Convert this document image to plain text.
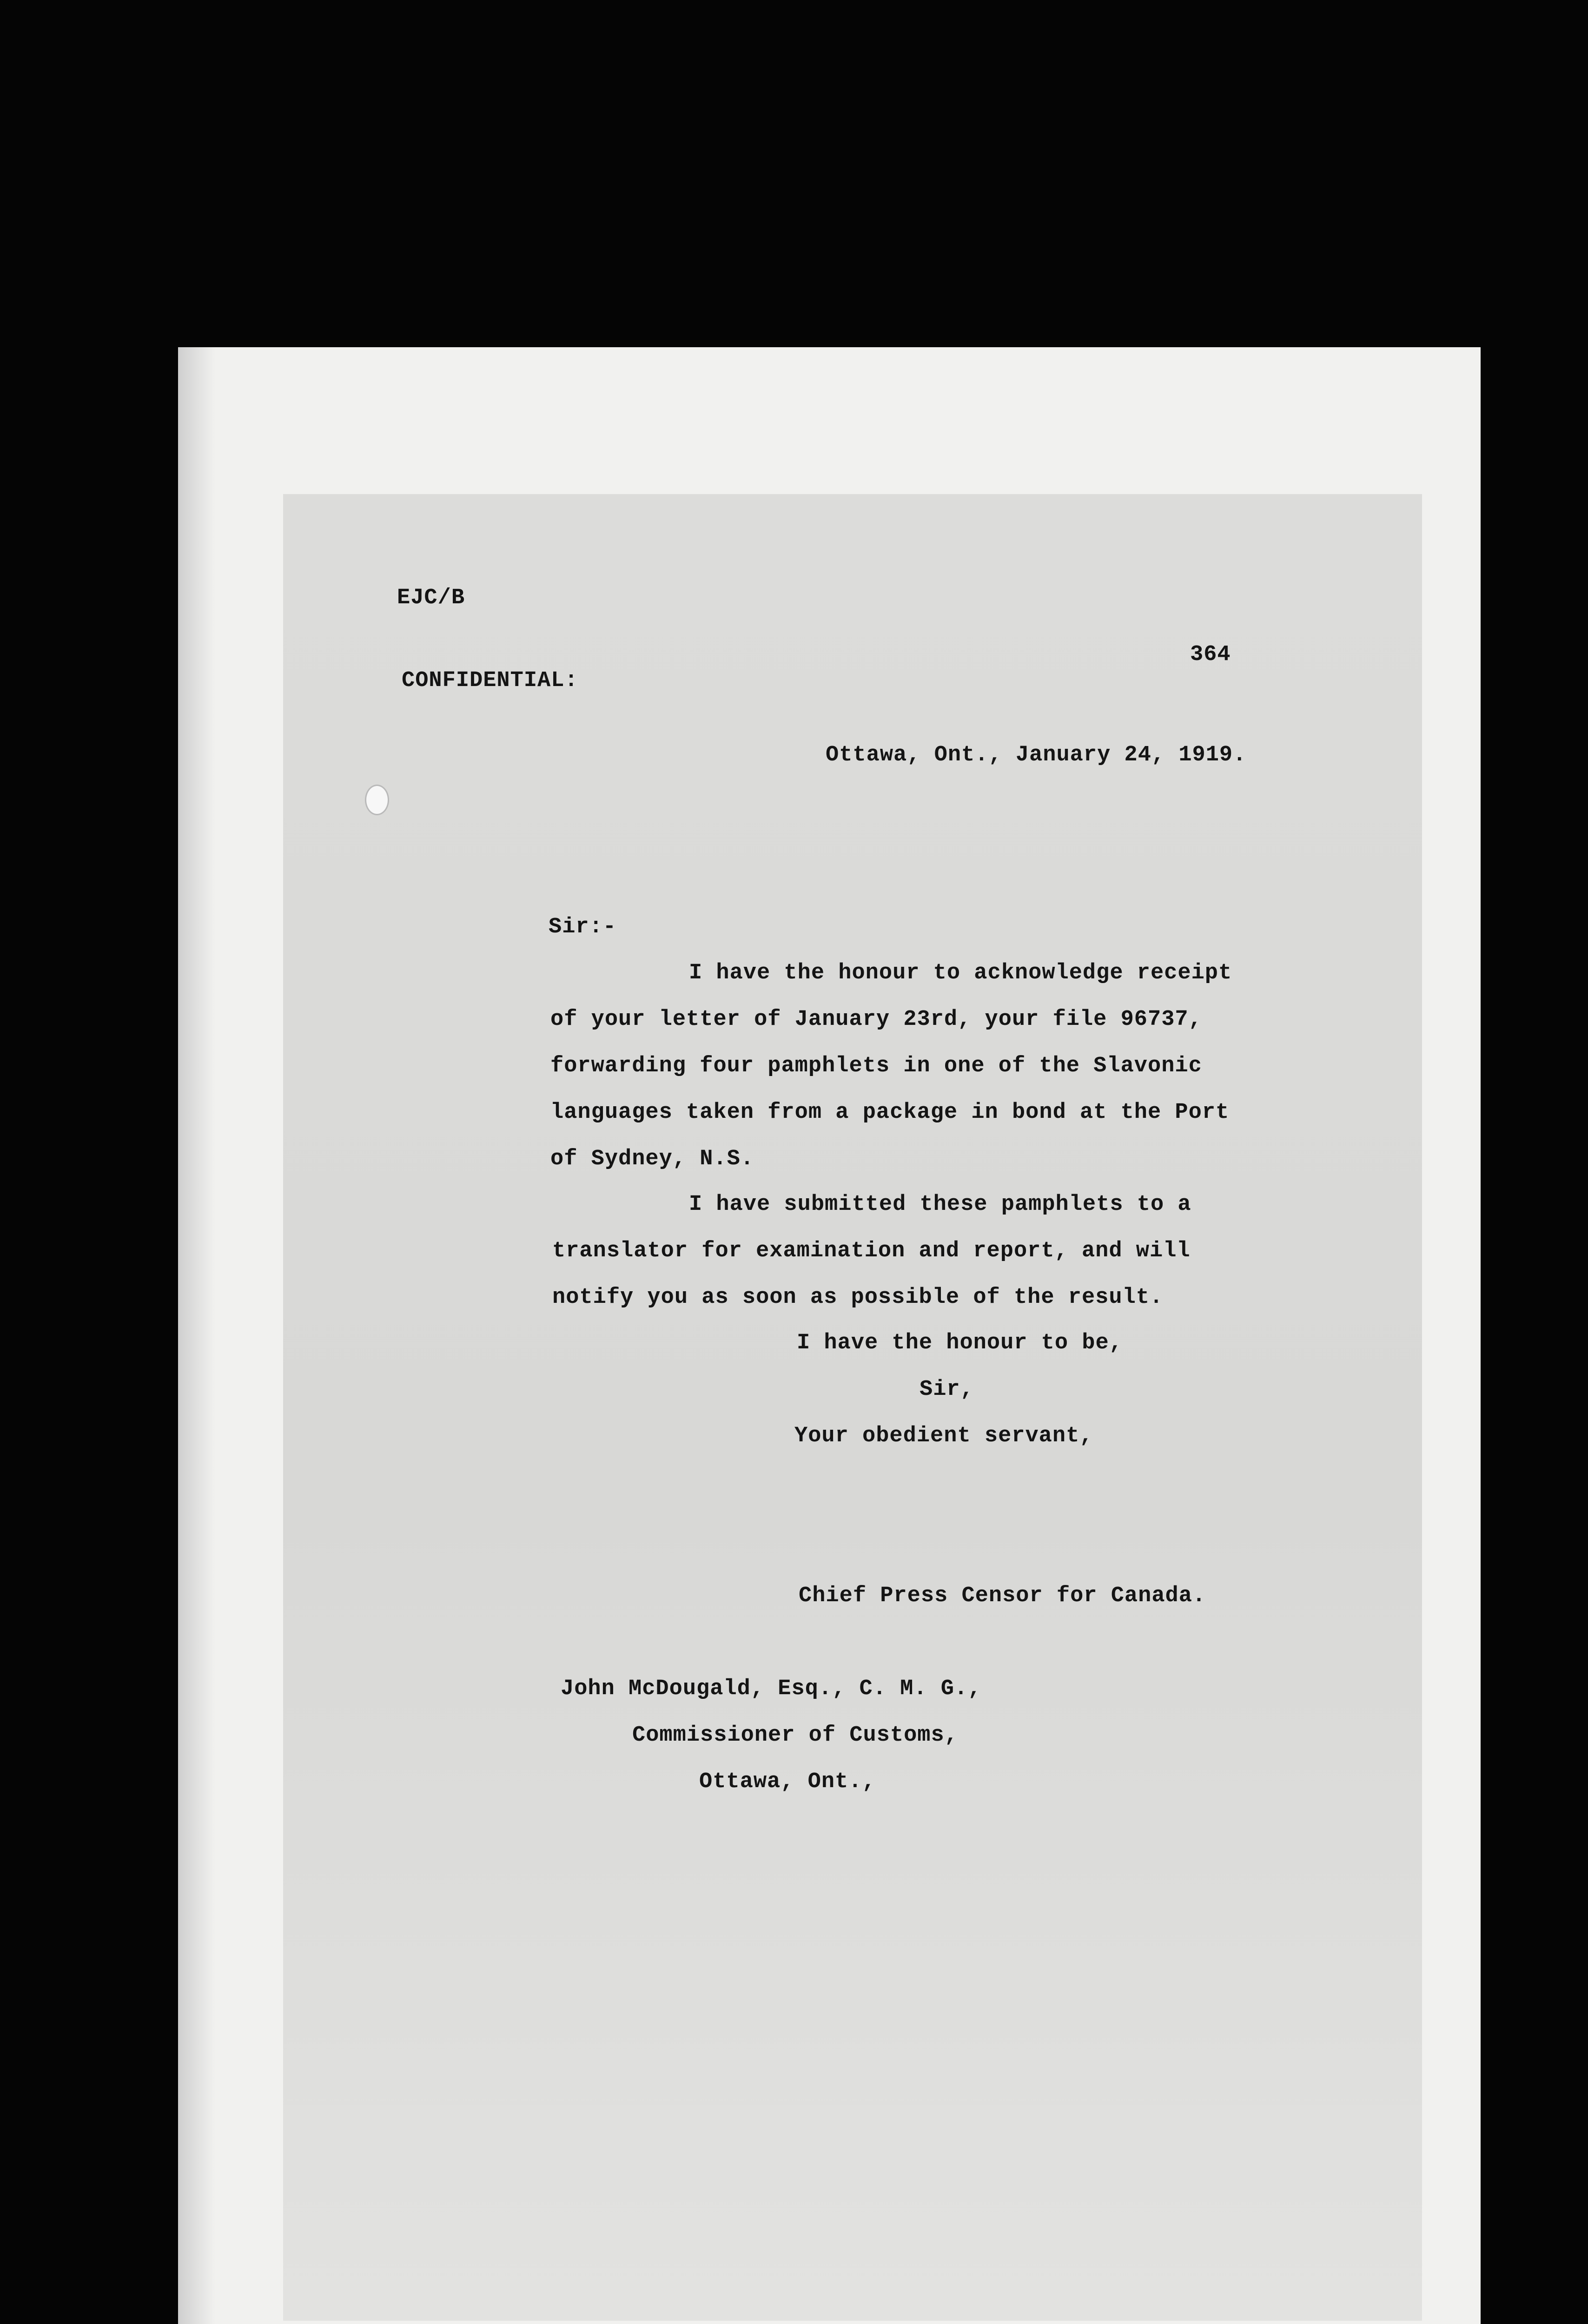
EJC/B
364
CONFIDENTIAL:
Ottawa, Ont., January 24, 1919.
Sir:-
I have the honour to acknowledge receipt
of your letter of January 23rd, your file 96737,
forwarding four pamphlets in one of the Slavonic
languages taken from a package in bond at the Port
of Sydney, N.S.
I have submitted these pamphlets to a
translator for examination and report, and will
notify you as soon as possible of the result.
I have the honour to be,
Sir,
Your obedient servant,
Chief Press Censor for Canada.
John McDougald, Esq., C. M. G.,
Commissioner of Customs,
Ottawa, Ont.,
